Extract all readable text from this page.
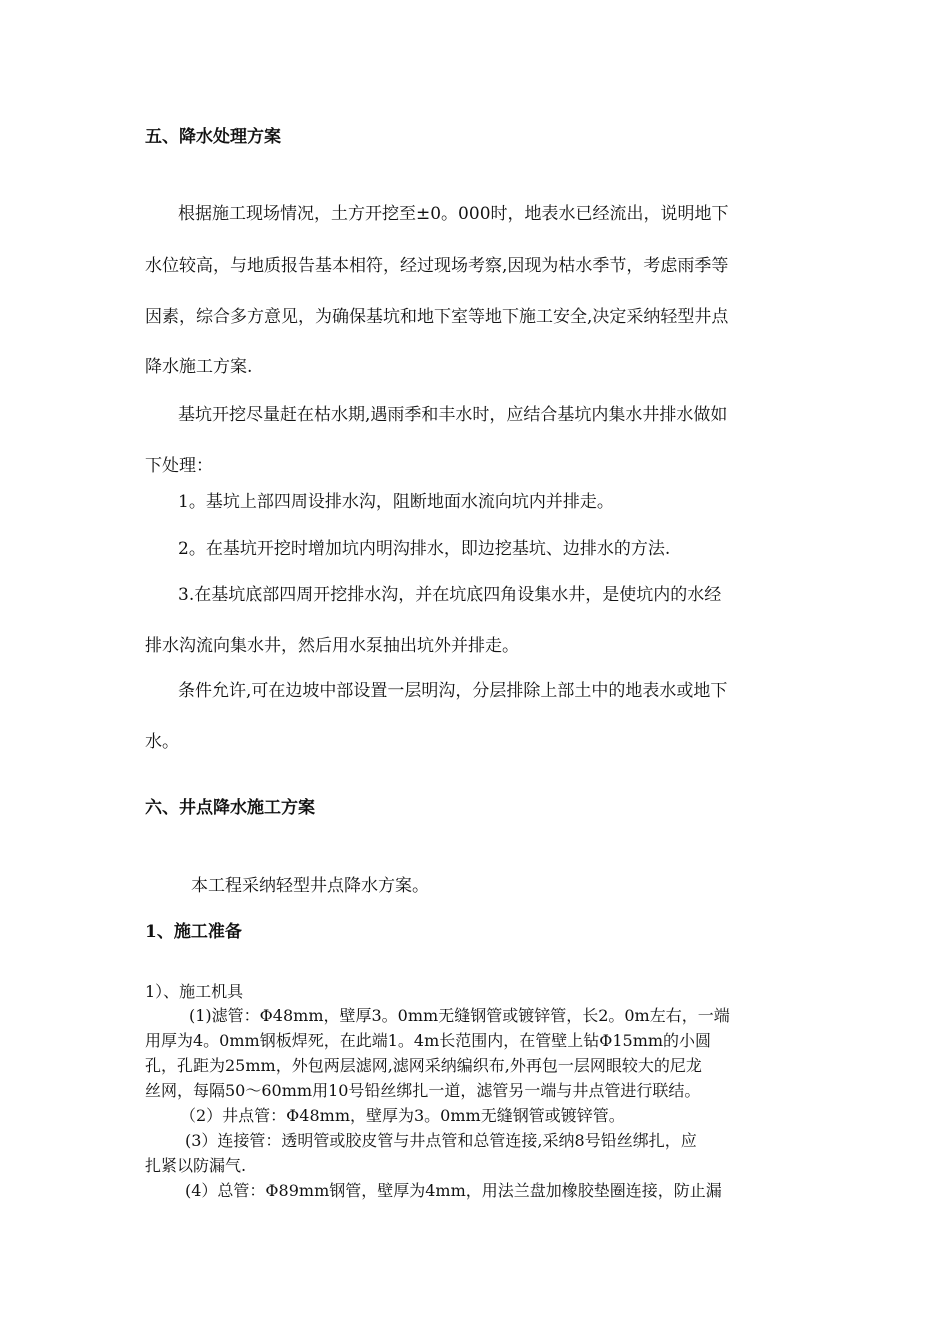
五、降水处理方案
根据施工现场情况，土方开挖至±0。000时，地表水已经流出，说明地下
水位较高，与地质报告基本相符，经过现场考察,因现为枯水季节，考虑雨季等
因素，综合多方意见，为确保基坑和地下室等地下施工安全,决定采纳轻型井点
降水施工方案.
基坑开挖尽量赶在枯水期,遇雨季和丰水时，应结合基坑内集水井排水做如
下处理：
1。基坑上部四周设排水沟，阻断地面水流向坑内并排走。
2。在基坑开挖时增加坑内明沟排水，即边挖基坑、边排水的方法.
3.在基坑底部四周开挖排水沟，并在坑底四角设集水井，是使坑内的水经
排水沟流向集水井，然后用水泵抽出坑外并排走。
条件允许,可在边坡中部设置一层明沟，分层排除上部土中的地表水或地下
水。
六、井点降水施工方案
本工程采纳轻型井点降水方案。
1、施工准备
1）、施工机具
(1)滤管：Φ48mm，壁厚3。0mm无缝钢管或镀锌管，长2。0m左右，一端
用厚为4。0mm钢板焊死，在此端1。4m长范围内，在管壁上钻Φ15mm的小圆
孔，孔距为25mm，外包两层滤网,滤网采纳编织布,外再包一层网眼较大的尼龙
丝网，每隔50～60mm用10号铅丝绑扎一道，滤管另一端与井点管进行联结。
（2）井点管：Φ48mm，壁厚为3。0mm无缝钢管或镀锌管。
(3）连接管：透明管或胶皮管与井点管和总管连接,采纳8号铅丝绑扎，应
扎紧以防漏气.
(4）总管：Φ89mm钢管，壁厚为4mm，用法兰盘加橡胶垫圈连接，防止漏
